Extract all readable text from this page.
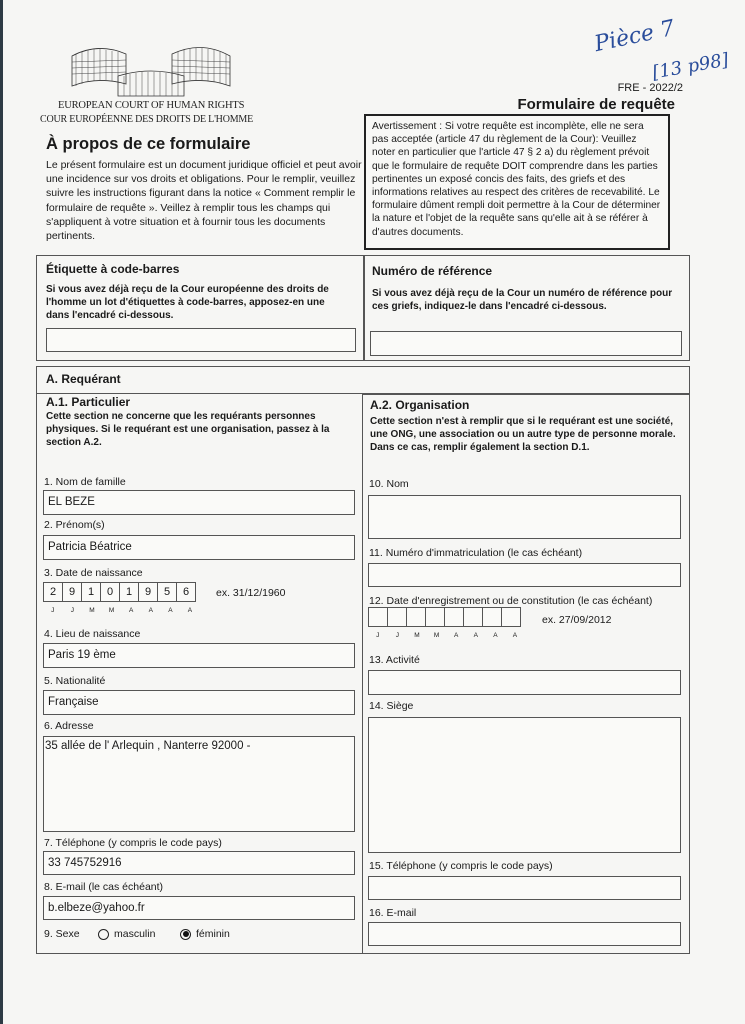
EUROPEAN COURT OF HUMAN RIGHTS
COUR EUROPÉENNE DES DROITS DE L'HOMME
À propos de ce formulaire
Le présent formulaire est un document juridique officiel et peut avoir une incidence sur vos droits et obligations. Pour le remplir, veuillez suivre les instructions figurant dans la notice « Comment remplir le formulaire de requête ». Veillez à remplir tous les champs qui s'appliquent à votre situation et à fournir tous les documents pertinents.
Pièce 7
[13 p98]
FRE - 2022/2
Formulaire de requête
Avertissement : Si votre requête est incomplète, elle ne sera pas acceptée (article 47 du règlement de la Cour): Veuillez noter en particulier que l'article 47 § 2 a) du règlement prévoit que le formulaire de requête DOIT comprendre dans les parties pertinentes un exposé concis des faits, des griefs et des informations relatives au respect des critères de recevabilité. Le formulaire dûment rempli doit permettre à la Cour de déterminer la nature et l'objet de la requête sans qu'elle ait à se référer à d'autres documents.
Étiquette à code-barres
Si vous avez déjà reçu de la Cour européenne des droits de l'homme un lot d'étiquettes à code-barres, apposez-en une dans l'encadré ci-dessous.
Numéro de référence
Si vous avez déjà reçu de la Cour un numéro de référence pour ces griefs, indiquez-le dans l'encadré ci-dessous.
A. Requérant
A.1. Particulier
Cette section ne concerne que les requérants personnes physiques. Si le requérant est une organisation, passez à la section A.2.
1. Nom de famille
EL BEZE
2. Prénom(s)
Patricia Béatrice
3. Date de naissance
2	9	1	0	1	9	5	6	ex. 31/12/1960
J	J	M	M	A	A	A	A
4. Lieu de naissance
Paris 19 ème
5. Nationalité
Française
6. Adresse
35 allée de l' Arlequin , Nanterre 92000 -
7. Téléphone (y compris le code pays)
33 745752916
8. E-mail (le cas échéant)
b.elbeze@yahoo.fr
9. Sexe	masculin	féminin
A.2. Organisation
Cette section n'est à remplir que si le requérant est une société, une ONG, une association ou un autre type de personne morale. Dans ce cas, remplir également la section D.1.
10. Nom
11. Numéro d'immatriculation (le cas échéant)
12. Date d'enregistrement ou de constitution (le cas échéant)
ex. 27/09/2012
J	J	M	M	A	A	A	A
13. Activité
14. Siège
15. Téléphone (y compris le code pays)
16. E-mail
